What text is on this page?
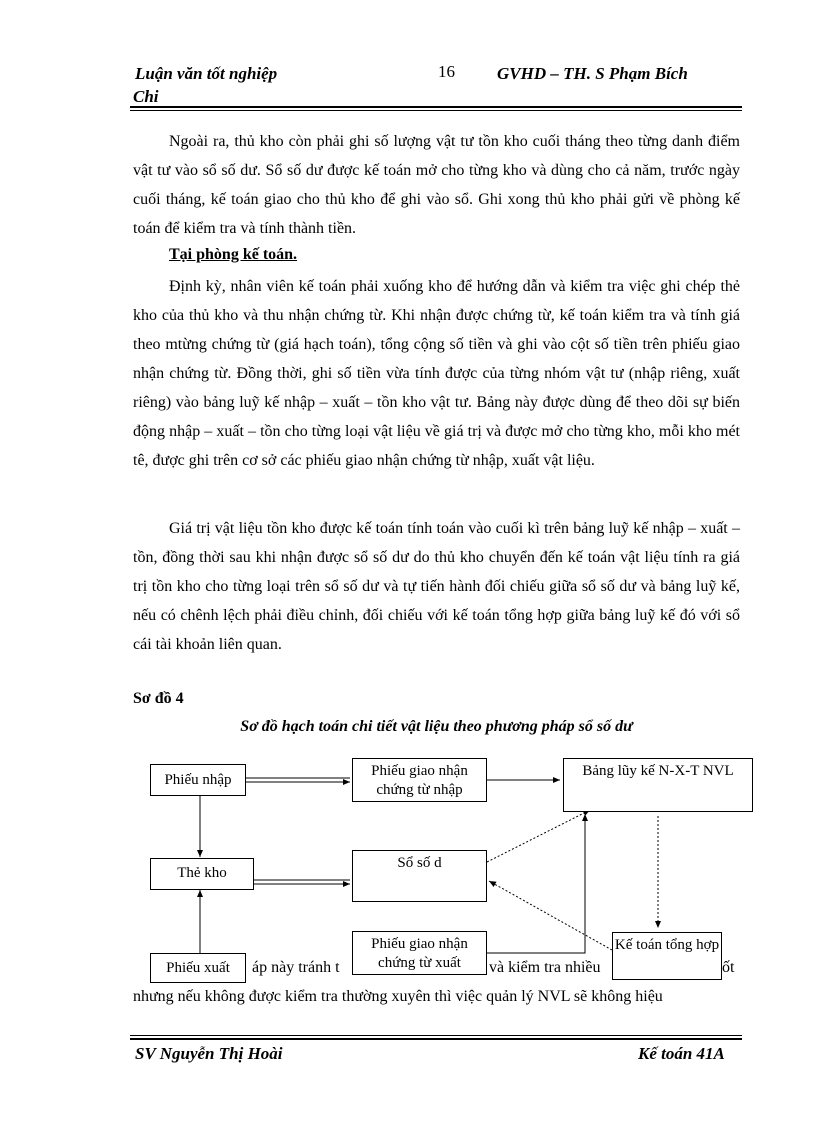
Luận văn tốt nghiệp	16 GVHD – TH. S Phạm Bích
Chi

Ngoài ra, thủ kho còn phải ghi số lượng vật tư tồn kho cuối tháng theo từng danh điểm vật tư vào sổ số dư. Sổ số dư được kế toán mở cho từng kho và dùng cho cả năm, trước ngày cuối tháng, kế toán giao cho thủ kho để ghi vào sổ. Ghi xong thủ kho phải gửi về phòng kế toán để kiểm tra và tính thành tiền.

Tại phòng kế toán.

Định kỳ, nhân viên kế toán phải xuống kho để hướng dẫn và kiểm tra việc ghi chép thẻ kho của thủ kho và thu nhận chứng từ. Khi nhận được chứng từ, kế toán kiểm tra và tính giá theo mtừng chứng từ (giá hạch toán), tổng cộng số tiền và ghi vào cột số tiền trên phiếu giao nhận chứng từ. Đồng thời, ghi số tiền vừa tính được của từng nhóm vật tư (nhập riêng, xuất riêng) vào bảng luỹ kế nhập – xuất – tồn kho vật tư. Bảng này được dùng để theo dõi sự biến động nhập – xuất – tồn cho từng loại vật liệu về giá trị và được mở cho từng kho, mỗi kho mét tê, được ghi trên cơ sở các phiếu giao nhận chứng từ nhập, xuất vật liệu.

Giá trị vật liệu tồn kho được kế toán tính toán vào cuối kì trên bảng luỹ kế nhập – xuất – tồn, đồng thời sau khi nhận được sổ số dư do thủ kho chuyển đến kế toán vật liệu tính ra giá trị tồn kho cho từng loại trên sổ số dư và tự tiến hành đối chiếu giữa sổ số dư và bảng luỹ kế, nếu có chênh lệch phải điều chỉnh, đối chiếu với kế toán tổng hợp giữa bảng luỹ kế đó với sổ cái tài khoản liên quan.

Sơ đồ 4
Sơ đồ hạch toán chi tiết vật liệu theo phương pháp sổ số dư
Phiếu nhập
Phiếu giao nhận chứng từ nhập
Bảng lũy kế N-X-T NVL
Thẻ kho
Sổ số d
áp này tránh t	và kiểm tra nhiều	ốt
Phiếu xuất
Phiếu giao nhận chứng từ xuất
Kế toán tổng hợp

nhưng nếu không được kiểm tra thường xuyên thì việc quản lý NVL sẽ không hiệu

SV Nguyễn Thị Hoài	Kế toán 41A
